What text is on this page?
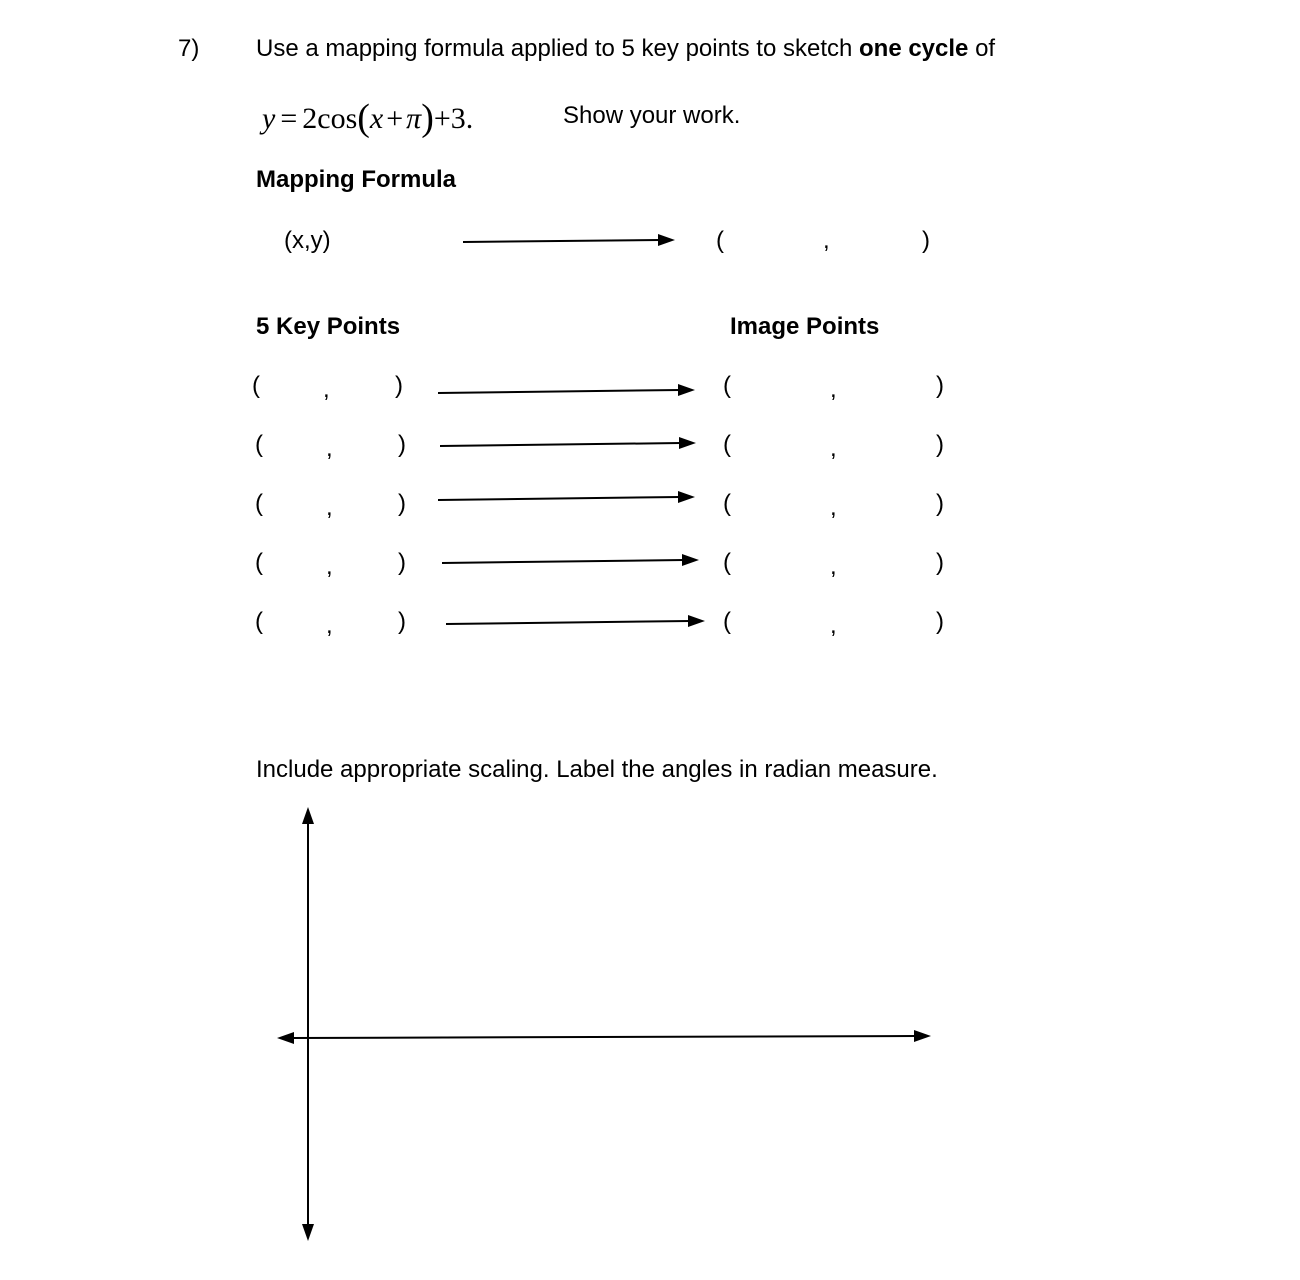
7) Use a mapping formula applied to 5 key points to sketch one cycle of
y = 2cos(x + π)+3.	Show your work.
Mapping Formula
(x,y)	(	,	)
5 Key Points	Image Points
(	,	)	(	,	)
(	,	)	(	,	)
(	,	)	(	,	)
(	,	)	(	,	)
(	,	)	(	,	)
Include appropriate scaling. Label the angles in radian measure.
